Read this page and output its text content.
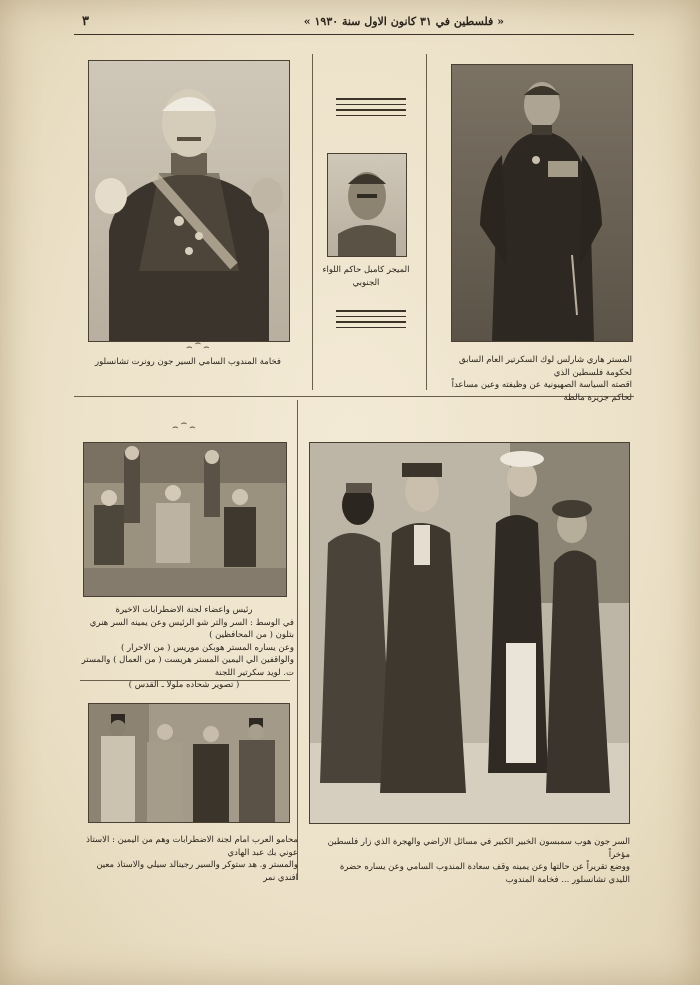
٣	« فلسطين في ٣١ كانون الاول سنة ١٩٣٠ »
⌢⁀⌢
فخامة المندوب السامي السير جون رونرت تشانسلور
الميجر كامبل حاكم اللواء الجنوبي
المستر هاري شارلس لوك السكرتير العام السابق لحكومة فلسطين الذي
اقصته السياسة الصهيونية عن وظيفته وعين مساعداً لحاكم جزيرة مالطة
⌢⁀⌢
رئيس واعضاء لجنة الاضطرابات الاخيرة
في الوسط : السر والتر شو الرئيس وعن يمينه السر هنري بتلون ( من المحافظين )
وعن يساره المستر هوبكن موريس ( من الاحرار )
والواقفين الي اليمين المستر هريست ( من العمال ) والمستر ت. لويد سكرتير اللجنة
( تصوير شحاده ملولا ـ القدس )
محامو العرب امام لجنة الاضطرابات وهم من اليمين : الاستاذ عوني بك عبد الهادي
والمستر و. هد ستوكر والسير رجينالد سيلي والاستاذ معين افندي نمر
السر جون هوب سمبسون الخبير الكبير في مسائل الاراضي والهجرة الذي زار فلسطين مؤخراً
ووضع تقريراً عن حالتها وعن يمينه وقف سعادة المندوب السامي وعن يساره حضرة
الليدي تشانسلور ... فخامة المندوب
